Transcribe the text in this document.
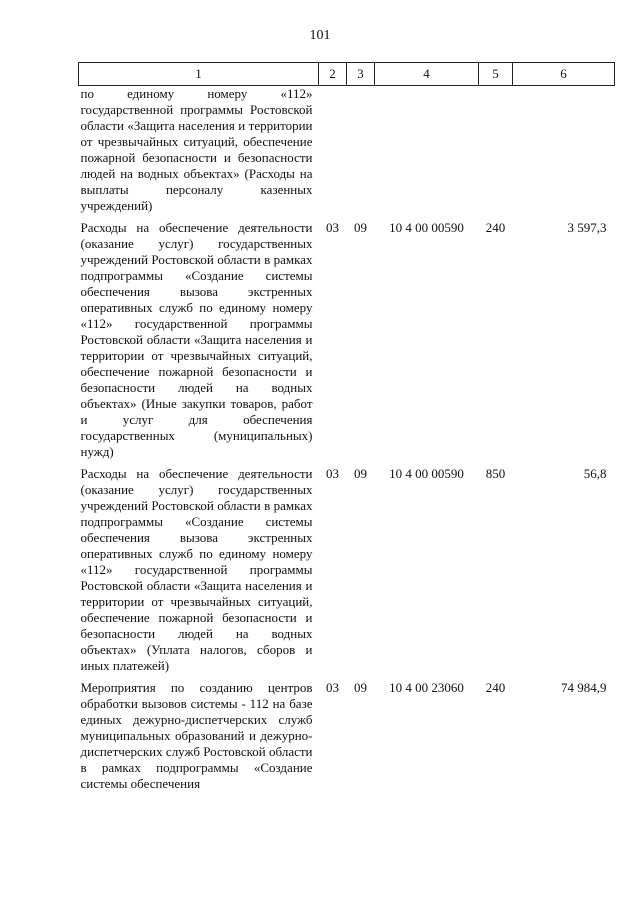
101
1	2	3	4	5	6
по единому номеру «112» государственной программы Ростовской области «Защита населения и территории от чрезвычайных ситуаций, обеспечение пожарной безопасности и безопасности людей на водных объектах» (Расходы на выплаты персоналу казенных учреждений)					

Расходы на обеспечение деятельности (оказание услуг) государственных учреждений Ростовской области в рамках подпрограммы «Создание системы обеспечения вызова экстренных оперативных служб по единому номеру «112» государственной программы Ростовской области «Защита населения и территории от чрезвычайных ситуаций, обеспечение пожарной безопасности и безопасности людей на водных объектах» (Иные закупки товаров, работ и услуг для обеспечения государственных (муниципальных) нужд)	03	09	10 4 00 00590	240	3 597,3

Расходы на обеспечение деятельности (оказание услуг) государственных учреждений Ростовской области в рамках подпрограммы «Создание системы обеспечения вызова экстренных оперативных служб по единому номеру «112» государственной программы Ростовской области «Защита населения и территории от чрезвычайных ситуаций, обеспечение пожарной безопасности и безопасности людей на водных объектах» (Уплата налогов, сборов и иных платежей)	03	09	10 4 00 00590	850	56,8

Мероприятия по созданию центров обработки вызовов системы - 112 на базе единых дежурно-диспетчерских служб муниципальных образований и дежурно-диспетчерских служб Ростовской области в рамках подпрограммы «Создание системы обеспечения	03	09	10 4 00 23060	240	74 984,9
